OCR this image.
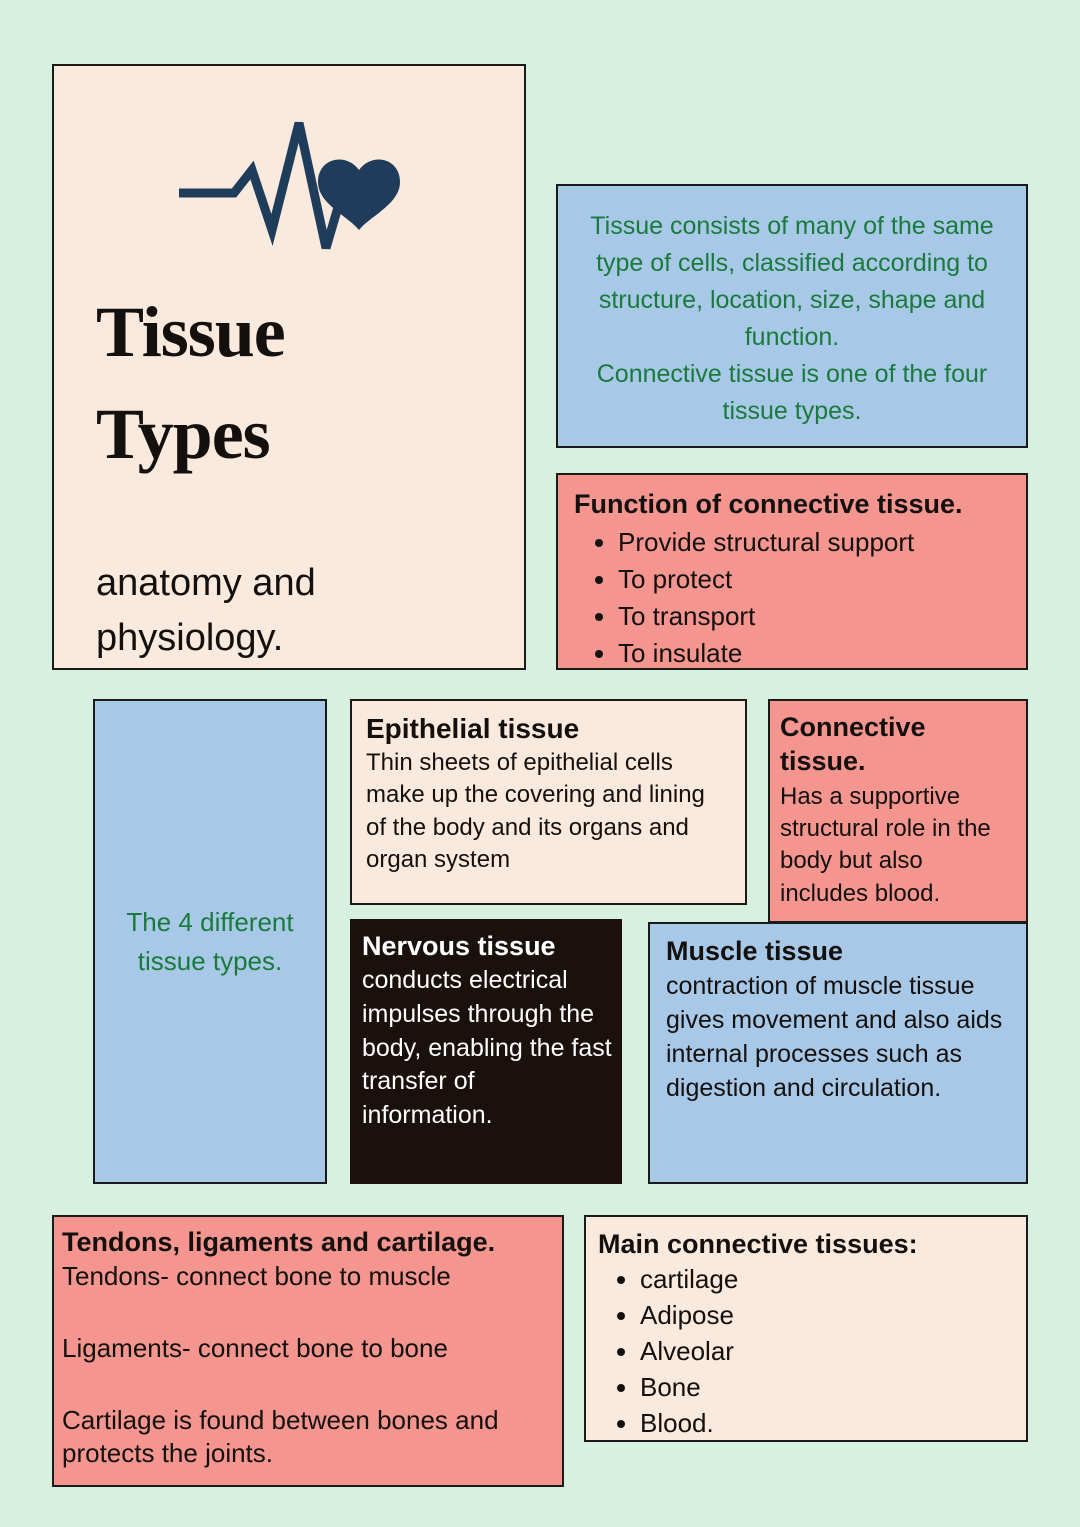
Tissue
Types
anatomy and physiology.

Tissue consists of many of the same type of cells, classified according to structure, location, size, shape and function.

Connective tissue is one of the four tissue types.

Function of connective tissue.
• Provide structural support
• To protect
• To transport
• To insulate

The 4 different tissue types.

Epithelial tissue

Thin sheets of epithelial cells make up the covering and lining of the body and its organs and organ system

Connective tissue.

Has a supportive structural role in the body but also includes blood.

Nervous tissue

conducts electrical impulses through the body, enabling the fast transfer of information.

Muscle tissue

contraction of muscle tissue gives movement and also aids internal processes such as digestion and circulation.

Tendons, ligaments and cartilage.

Tendons- connect bone to muscle

Ligaments- connect bone to bone

Cartilage is found between bones and protects the joints.

Main connective tissues:
• cartilage
• Adipose
• Alveolar
• Bone
• Blood.
